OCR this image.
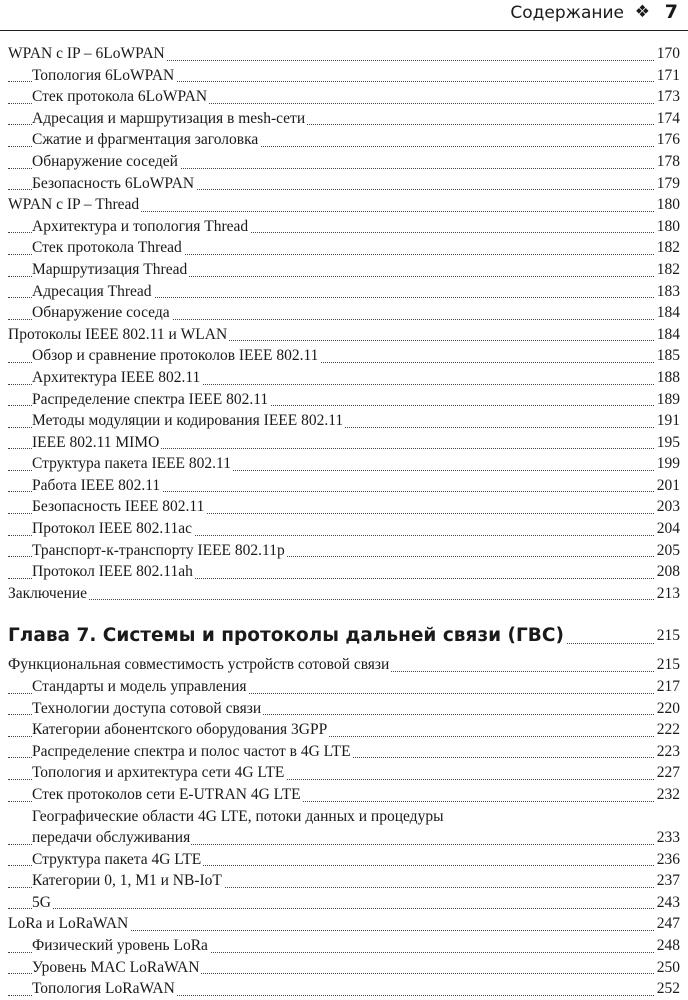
Содержание ❖ 7
WPAN с IP – 6LoWPAN	170
Топология 6LoWPAN	171
Стек протокола 6LoWPAN	173
Адресация и маршрутизация в mesh-сети	174
Сжатие и фрагментация заголовка	176
Обнаружение соседей	178
Безопасность 6LoWPAN	179
WPAN с IP – Thread	180
Архитектура и топология Thread	180
Стек протокола Thread	182
Маршрутизация Thread	182
Адресация Thread	183
Обнаружение соседа	184
Протоколы IEEE 802.11 и WLAN	184
Обзор и сравнение протоколов IEEE 802.11	185
Архитектура IEEE 802.11	188
Распределение спектра IEEE 802.11	189
Методы модуляции и кодирования IEEE 802.11	191
IEEE 802.11 MIMO	195
Структура пакета IEEE 802.11	199
Работа IEEE 802.11	201
Безопасность IEEE 802.11	203
Протокол IEEE 802.11ac	204
Транспорт-к-транспорту IEEE 802.11p	205
Протокол IEEE 802.11ah	208
Заключение	213
Глава 7. Системы и протоколы дальней связи (ГВС)	215
Функциональная совместимость устройств сотовой связи	215
Стандарты и модель управления	217
Технологии доступа сотовой связи	220
Категории абонентского оборудования 3GPP	222
Распределение спектра и полос частот в 4G LTE	223
Топология и архитектура сети 4G LTE	227
Стек протоколов сети E-UTRAN 4G LTE	232
Географические области 4G LTE, потоки данных и процедуры
передачи обслуживания	233
Структура пакета 4G LTE	236
Категории 0, 1, M1 и NB-IoT	237
5G	243
LoRa и LoRaWAN	247
Физический уровень LoRa	248
Уровень MAC LoRaWAN	250
Топология LoRaWAN	252
